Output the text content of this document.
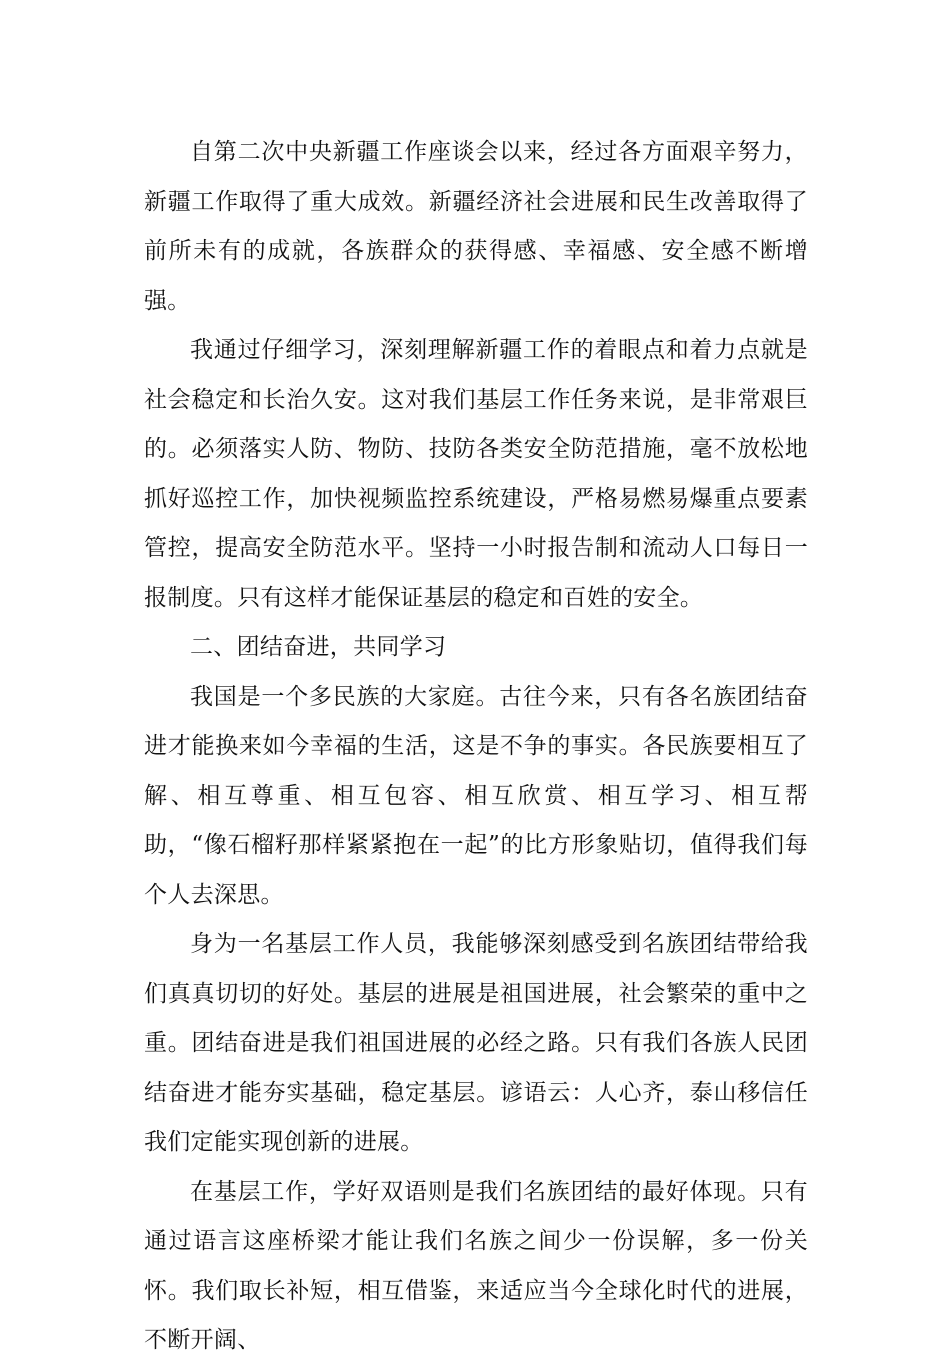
自第二次中央新疆工作座谈会以来，经过各方面艰辛努力，新疆工作取得了重大成效。新疆经济社会进展和民生改善取得了前所未有的成就，各族群众的获得感、幸福感、安全感不断增强。

我通过仔细学习，深刻理解新疆工作的着眼点和着力点就是社会稳定和长治久安。这对我们基层工作任务来说，是非常艰巨的。必须落实人防、物防、技防各类安全防范措施，毫不放松地抓好巡控工作，加快视频监控系统建设，严格易燃易爆重点要素管控，提高安全防范水平。坚持一小时报告制和流动人口每日一报制度。只有这样才能保证基层的稳定和百姓的安全。

二、团结奋进，共同学习

我国是一个多民族的大家庭。古往今来，只有各名族团结奋进才能换来如今幸福的生活，这是不争的事实。各民族要相互了解、相互尊重、相互包容、相互欣赏、相互学习、相互帮助，“像石榴籽那样紧紧抱在一起”的比方形象贴切，值得我们每个人去深思。

身为一名基层工作人员，我能够深刻感受到名族团结带给我们真真切切的好处。基层的进展是祖国进展，社会繁荣的重中之重。团结奋进是我们祖国进展的必经之路。只有我们各族人民团结奋进才能夯实基础，稳定基层。谚语云：人心齐，泰山移信任我们定能实现创新的进展。

在基层工作，学好双语则是我们名族团结的最好体现。只有通过语言这座桥梁才能让我们名族之间少一份误解，多一份关怀。我们取长补短，相互借鉴，来适应当今全球化时代的进展，不断开阔、
